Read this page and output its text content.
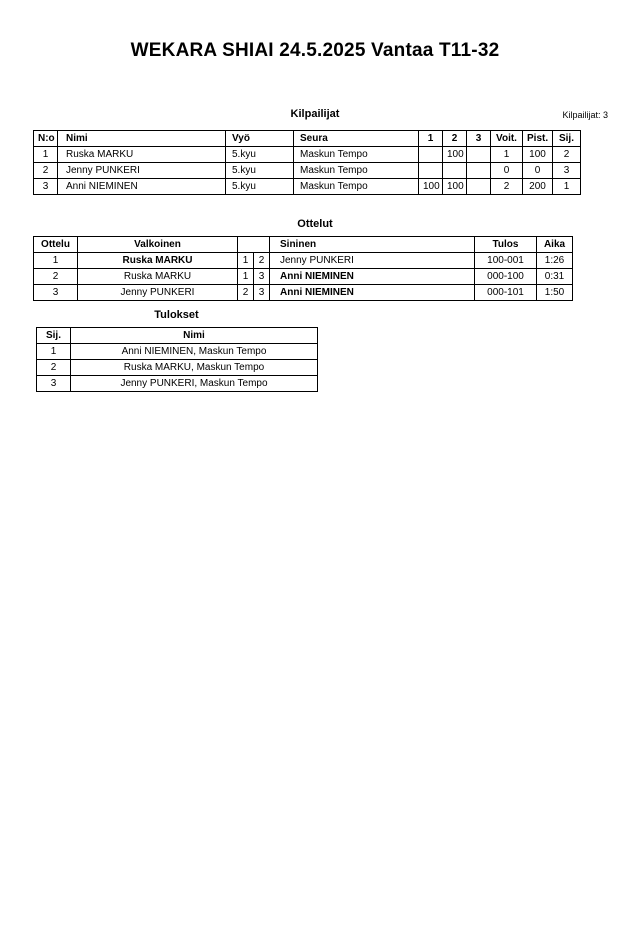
WEKARA SHIAI 24.5.2025 Vantaa T11-32
Kilpailijat	Kilpailijat: 3
N:o	Nimi	Vyö	Seura	1	2	3	Voit.	Pist.	Sij.
1	Ruska MARKU	5.kyu	Maskun Tempo		100		1	100	2
2	Jenny PUNKERI	5.kyu	Maskun Tempo				0	0	3
3	Anni NIEMINEN	5.kyu	Maskun Tempo	100	100		2	200	1
Ottelut
Ottelu	Valkoinen			Sininen	Tulos	Aika
1	Ruska MARKU	1	2	Jenny PUNKERI	100-001	1:26
2	Ruska MARKU	1	3	Anni NIEMINEN	000-100	0:31
3	Jenny PUNKERI	2	3	Anni NIEMINEN	000-101	1:50
Tulokset
Sij.	Nimi
1	Anni NIEMINEN, Maskun Tempo
2	Ruska MARKU, Maskun Tempo
3	Jenny PUNKERI, Maskun Tempo
